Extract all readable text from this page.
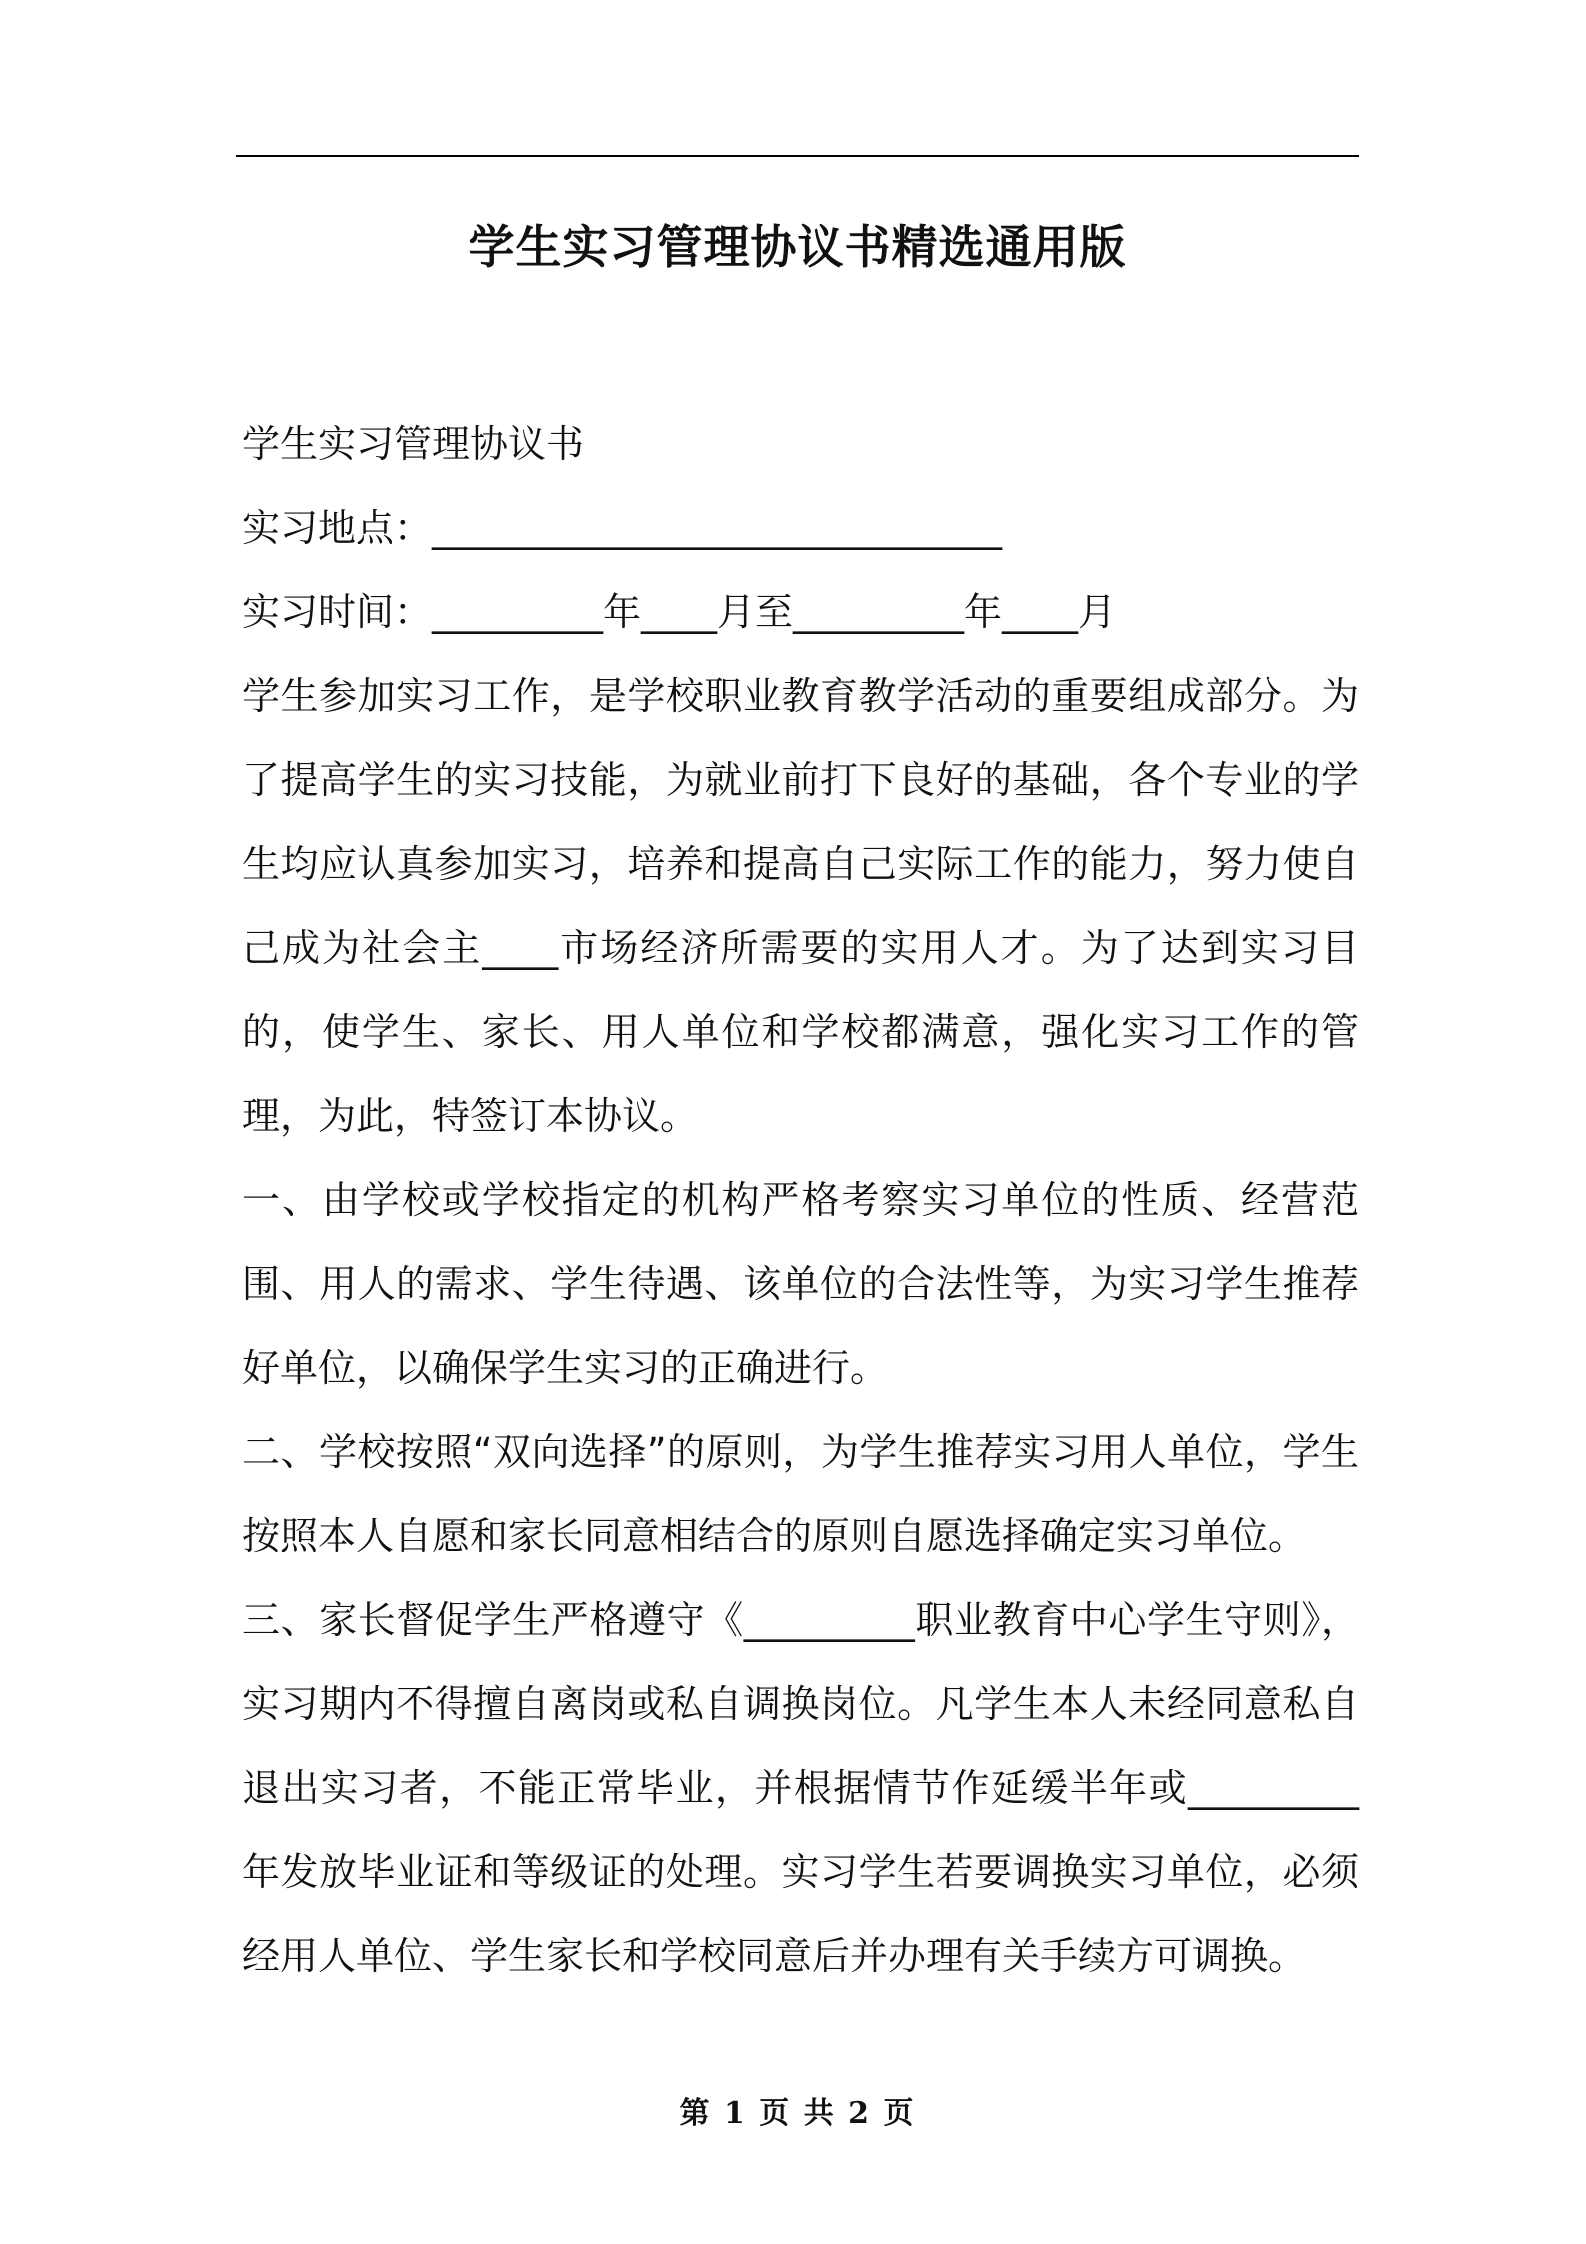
学生实习管理协议书精选通用版

学生实习管理协议书

实习地点：______________________________

实习时间：_________年____月至_________年____月

学生参加实习工作，是学校职业教育教学活动的重要组成部分。为了提高学生的实习技能，为就业前打下良好的基础，各个专业的学生均应认真参加实习，培养和提高自己实际工作的能力，努力使自己成为社会主____市场经济所需要的实用人才。为了达到实习目的，使学生、家长、用人单位和学校都满意，强化实习工作的管理，为此，特签订本协议。

一、由学校或学校指定的机构严格考察实习单位的性质、经营范围、用人的需求、学生待遇、该单位的合法性等，为实习学生推荐好单位，以确保学生实习的正确进行。

二、学校按照“双向选择”的原则，为学生推荐实习用人单位，学生按照本人自愿和家长同意相结合的原则自愿选择确定实习单位。

三、家长督促学生严格遵守《_________职业教育中心学生守则》，实习期内不得擅自离岗或私自调换岗位。凡学生本人未经同意私自退出实习者，不能正常毕业，并根据情节作延缓半年或_________年发放毕业证和等级证的处理。实习学生若要调换实习单位，必须经用人单位、学生家长和学校同意后并办理有关手续方可调换。

第 1 页 共 2 页
